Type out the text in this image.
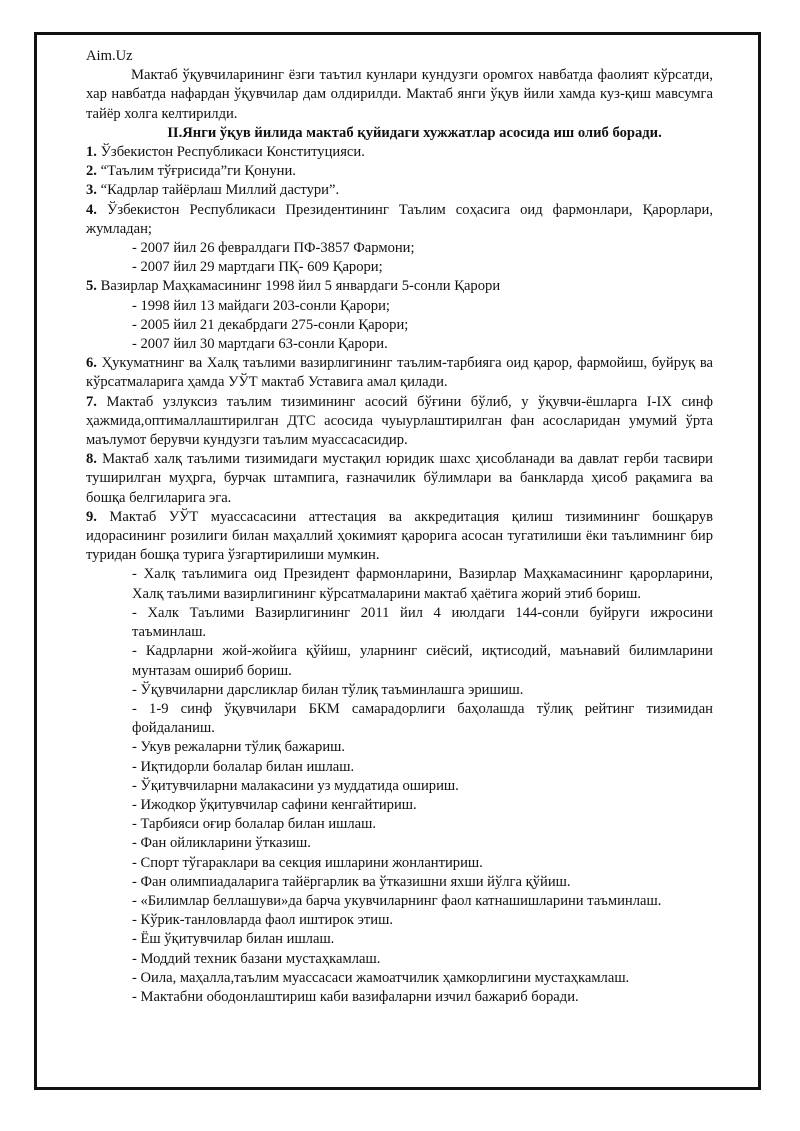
Aim.Uz

Мактаб ўқувчиларининг ёзги таътил кунлари кундузги оромгох навбатда фаолият кўрсатди, хар навбатда нафардан ўқувчилар дам олдирилди. Мактаб янги ўқув йили хамда куз-қиш мавсумга тайёр холга келтирилди.

II.Янги ўқув йилида мактаб қуйидаги хужжатлар асосида иш олиб боради.

1. Ўзбекистон Республикаси Конституцияси.

2. “Таълим тўғрисида”ги Қонуни.

3. “Кадрлар тайёрлаш Миллий дастури”.

4. Ўзбекистон Республикаси Президентининг Таълим соҳасига оид фармонлари, Қарорлари, жумладан;

- 2007 йил 26 февралдаги ПФ-3857 Фармони;

- 2007 йил 29 мартдаги ПҚ- 609 Қарори;

5. Вазирлар Маҳкамасининг 1998 йил 5 январдаги 5-сонли Қарори

- 1998 йил 13 майдаги 203-сонли Қарори;

- 2005 йил 21 декабрдаги 275-сонли Қарори;

- 2007 йил 30 мартдаги 63-сонли Қарори.

6. Ҳукуматнинг ва Халқ таълими вазирлигининг таълим-тарбияга оид қарор, фармойиш, буйруқ ва кўрсатмаларига ҳамда УЎТ мактаб Уставига амал қилади.

7. Мактаб узлуксиз таълим тизимининг асосий бўғини бўлиб, у ўқувчи-ёшларга I-IX синф ҳажмида,оптималлаштирилган ДТС асосида чуыурлаштирилган фан асосларидан умумий ўрта маълумот берувчи кундузги таълим муассасасидир.

8. Мактаб халқ таълими тизимидаги мустақил юридик шахс ҳисобланади ва давлат герби тасвири туширилган муҳрга, бурчак штампига, ғазначилик бўлимлари ва банкларда ҳисоб рақамига ва бошқа белгиларига эга.

9. Мактаб УЎТ муассасасини аттестация ва аккредитация қилиш тизимининг бошқарув идорасининг розилиги билан маҳаллий ҳокимият қарорига асосан тугатилиши ёки таълимнинг бир туридан бошқа турига ўзгартирилиши мумкин.

- Халқ таълимига оид Президент фармонларини, Вазирлар Маҳкамасининг қарорларини, Халқ таълими вазирлигининг кўрсатмаларини мактаб ҳаётига жорий этиб бориш.

- Халк Таълими Вазирлигининг 2011 йил 4 июлдаги 144-сонли буйруги ижросини таъминлаш.

- Кадрларни жой-жойига қўйиш, уларнинг сиёсий, иқтисодий, маънавий билимларини мунтазам ошириб бориш.

- Ўқувчиларни дарсликлар билан тўлиқ таъминлашга эришиш.

- 1-9 синф ўқувчилари БКМ самарадорлиги баҳолашда тўлиқ рейтинг тизимидан фойдаланиш.

- Укув режаларни тўлиқ бажариш.

- Иқтидорли болалар билан ишлаш.

- Ўқитувчиларни малакасини уз муддатида ошириш.

- Ижодкор ўқитувчилар сафини кенгайтириш.

- Тарбияси оғир болалар билан ишлаш.

- Фан ойликларини ўтказиш.

- Спорт тўгараклари ва секция ишларини жонлантириш.

- Фан олимпиадаларига тайёргарлик ва ўтказишни яхши йўлга қўйиш.

- «Билимлар беллашуви»да барча укувчиларнинг фаол катнашишларини таъминлаш.

- Кўрик-танловларда фаол иштирок этиш.

- Ёш ўқитувчилар билан ишлаш.

- Моддий техник базани мустаҳкамлаш.

- Оила, маҳалла,таълим муассасаси жамоатчилик ҳамкорлигини мустаҳкамлаш.

- Мактабни ободонлаштириш каби вазифаларни изчил бажариб боради.
